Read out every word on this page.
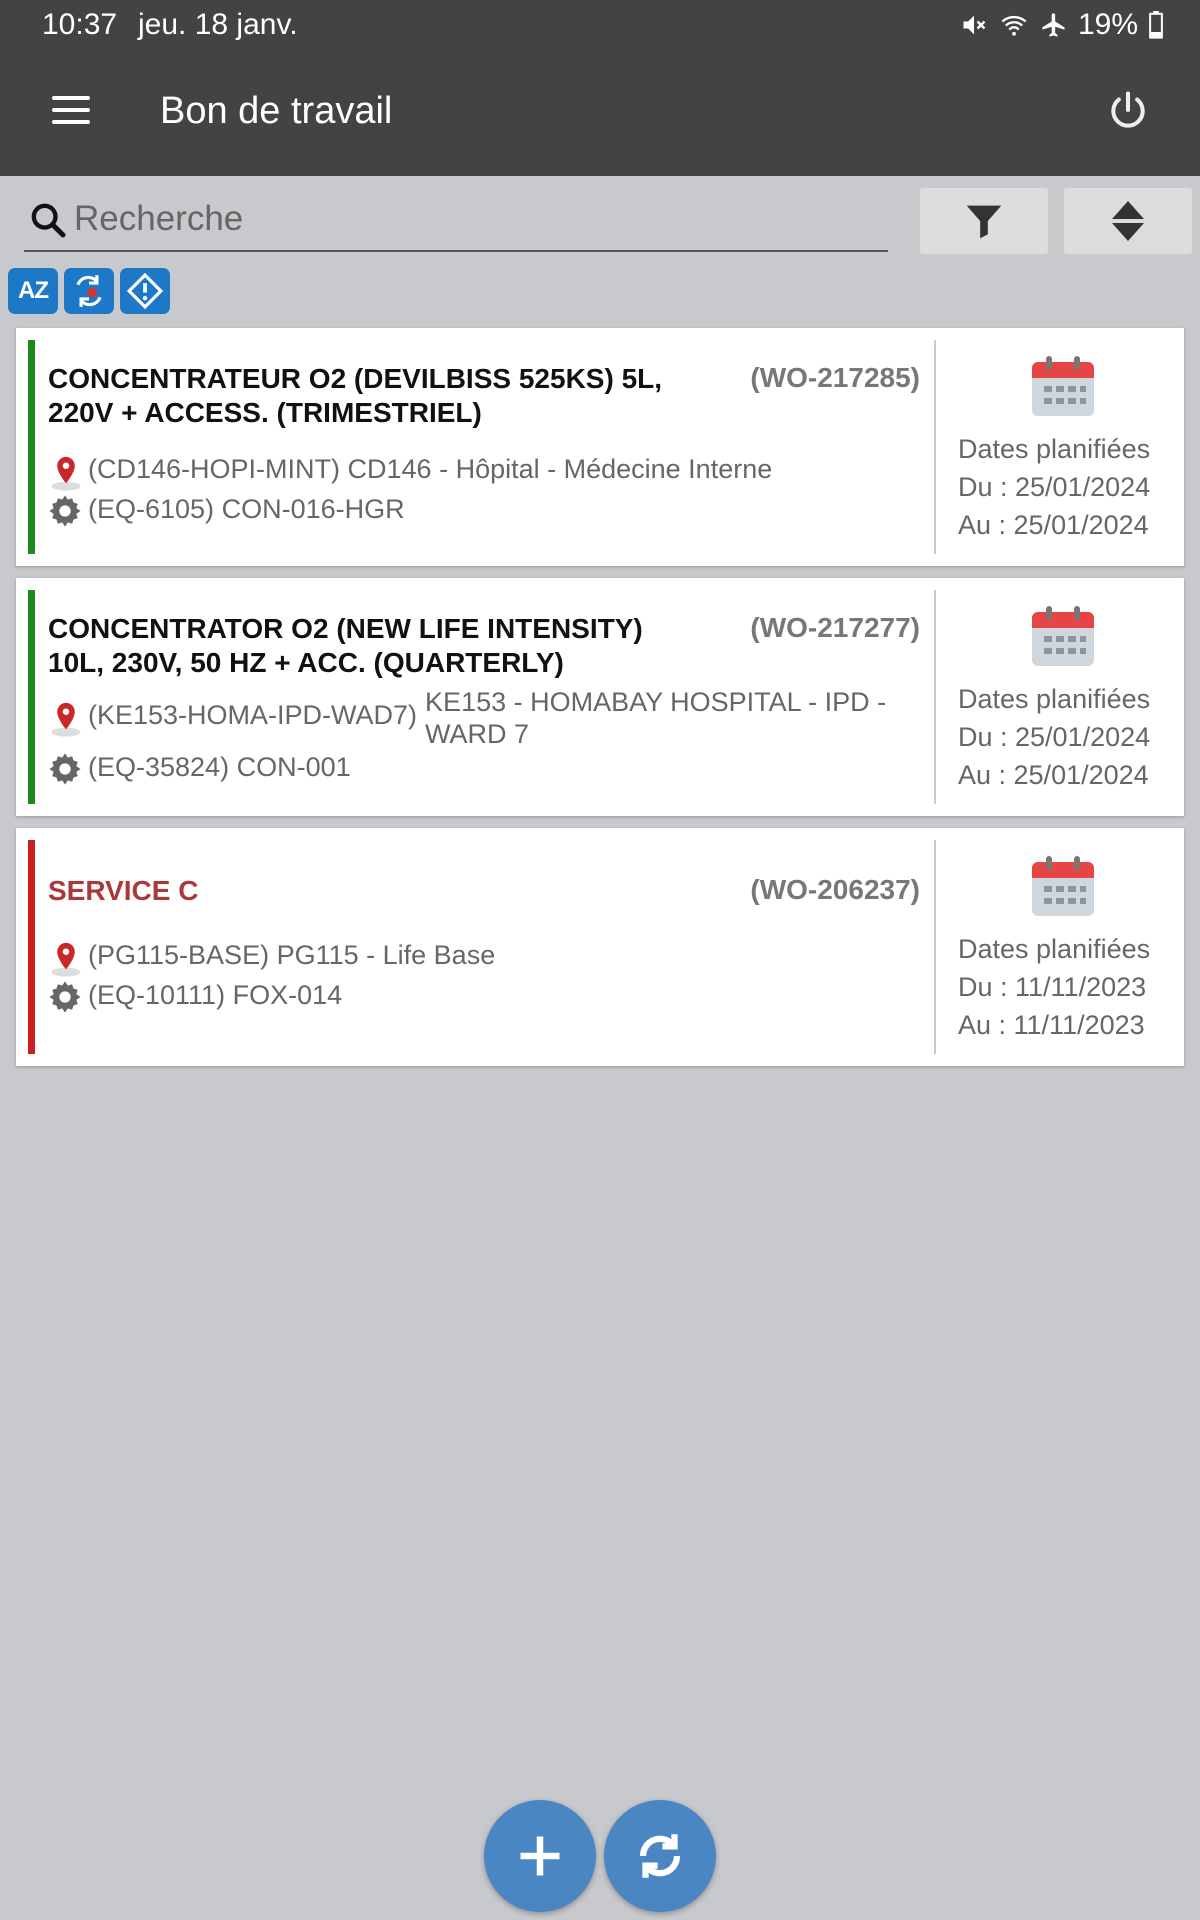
10:37 jeu. 18 janv.	19%
Bon de travail
Recherche
AZ
CONCENTRATEUR O2 (DEVILBISS 525KS) 5L, 220V + ACCESS. (TRIMESTRIEL)
(WO-217285)
(CD146-HOPI-MINT)
CD146 - Hôpital - Médecine Interne
(EQ-6105)
CON-016-HGR
Dates planifiées
Du : 25/01/2024
Au : 25/01/2024
CONCENTRATOR O2 (NEW LIFE INTENSITY) 10L, 230V, 50 HZ + ACC. (QUARTERLY)
(WO-217277)
(KE153-HOMA-IPD-WAD7) KE153 - HOMABAY HOSPITAL - IPD - WARD 7
(EQ-35824)
CON-001
Dates planifiées
Du : 25/01/2024
Au : 25/01/2024
SERVICE C	(WO-206237)
(PG115-BASE)
PG115 - Life Base
(EQ-10111)
FOX-014
Dates planifiées
Du : 11/11/2023
Au : 11/11/2023
